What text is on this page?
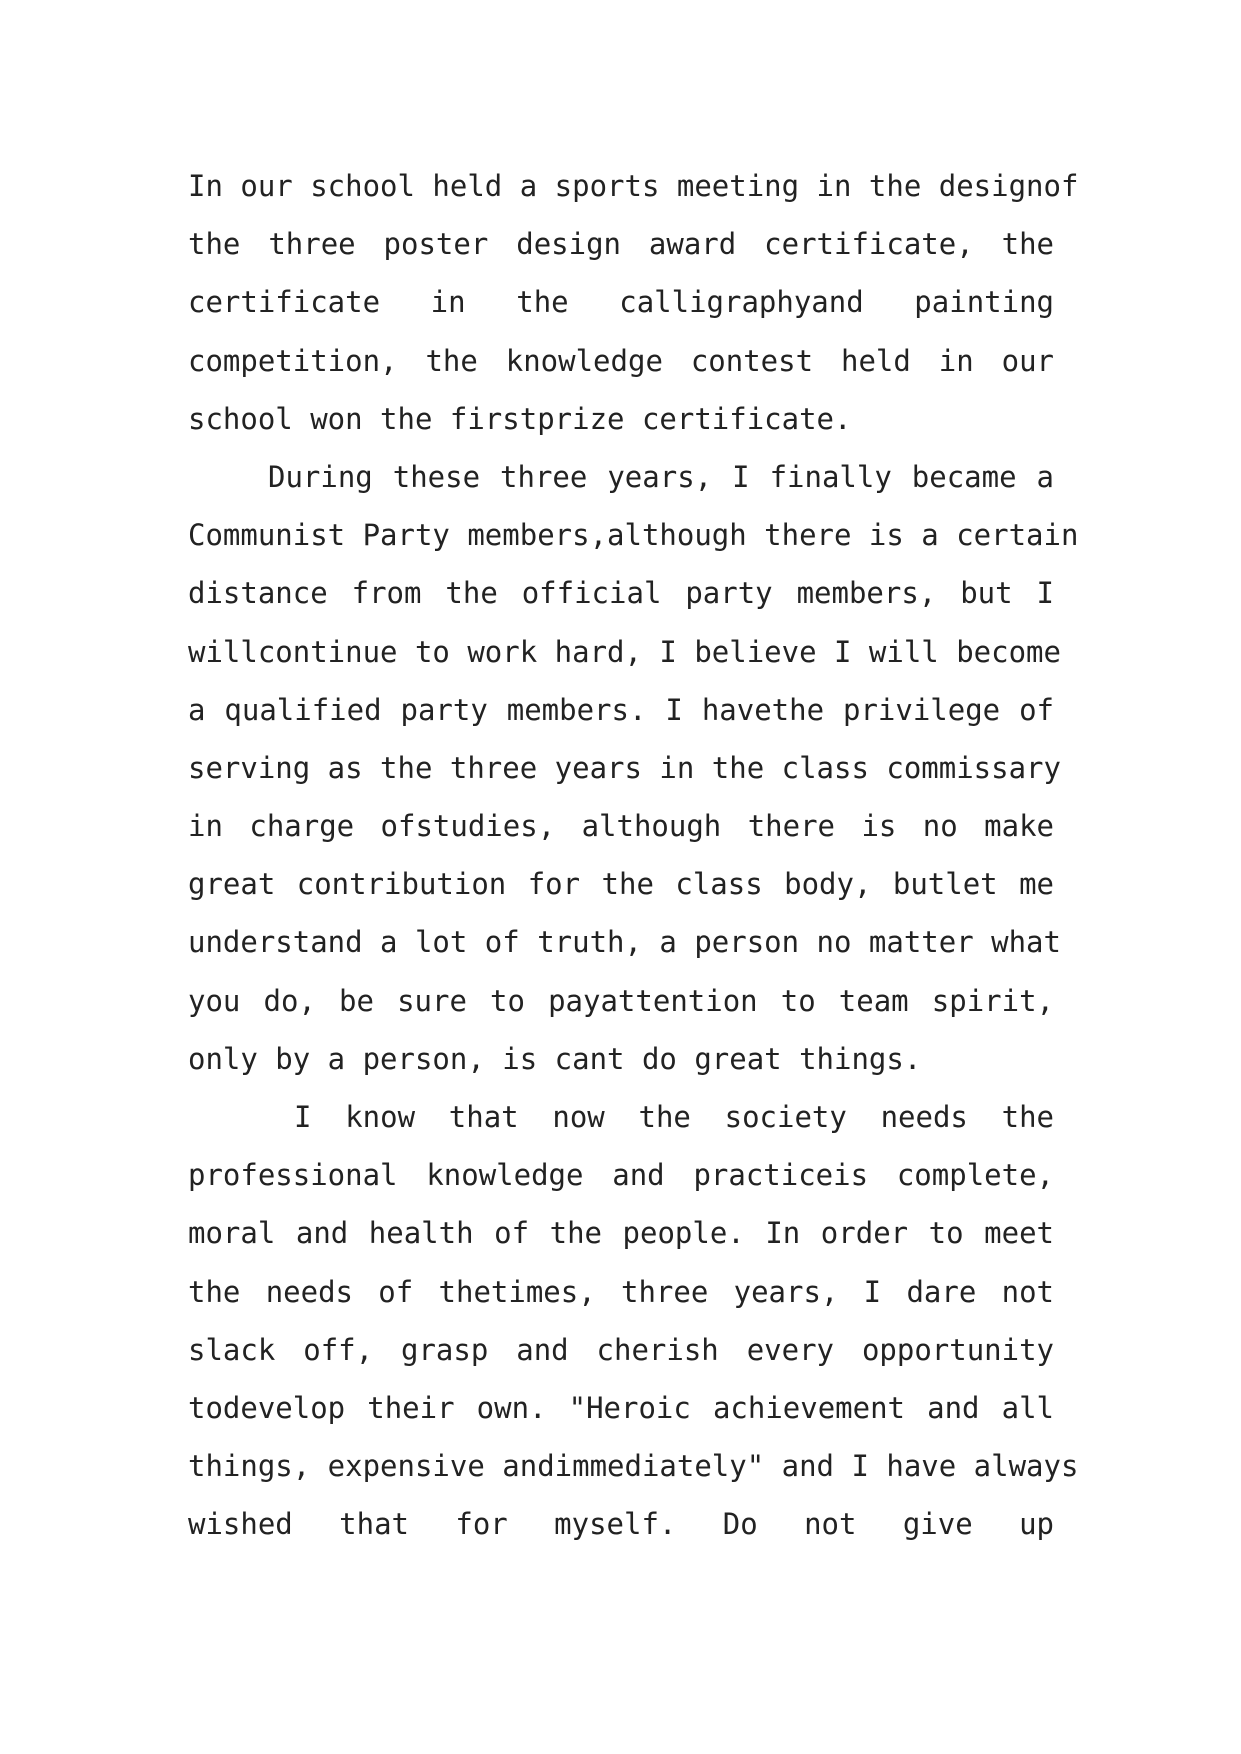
In our school held a sports meeting in the designof
the three poster design award certificate, the
certificate in the calligraphyand painting
competition, the knowledge contest held in our
school won the firstprize certificate.
During these three years, I finally became a
Communist Party members,although there is a certain
distance from the official party members, but I
willcontinue to work hard, I believe I will become
a qualified party members. I havethe privilege of
serving as the three years in the class commissary
in charge ofstudies, although there is no make
great contribution for the class body, butlet me
understand a lot of truth, a person no matter what
you do, be sure to payattention to team spirit,
only by a person, is cant do great things.
I know that now the society needs the
professional knowledge and practiceis complete,
moral and health of the people. In order to meet
the needs of thetimes, three years, I dare not
slack off, grasp and cherish every opportunity
todevelop their own. "Heroic achievement and all
things, expensive andimmediately" and I have always
wished that for myself. Do not give up
